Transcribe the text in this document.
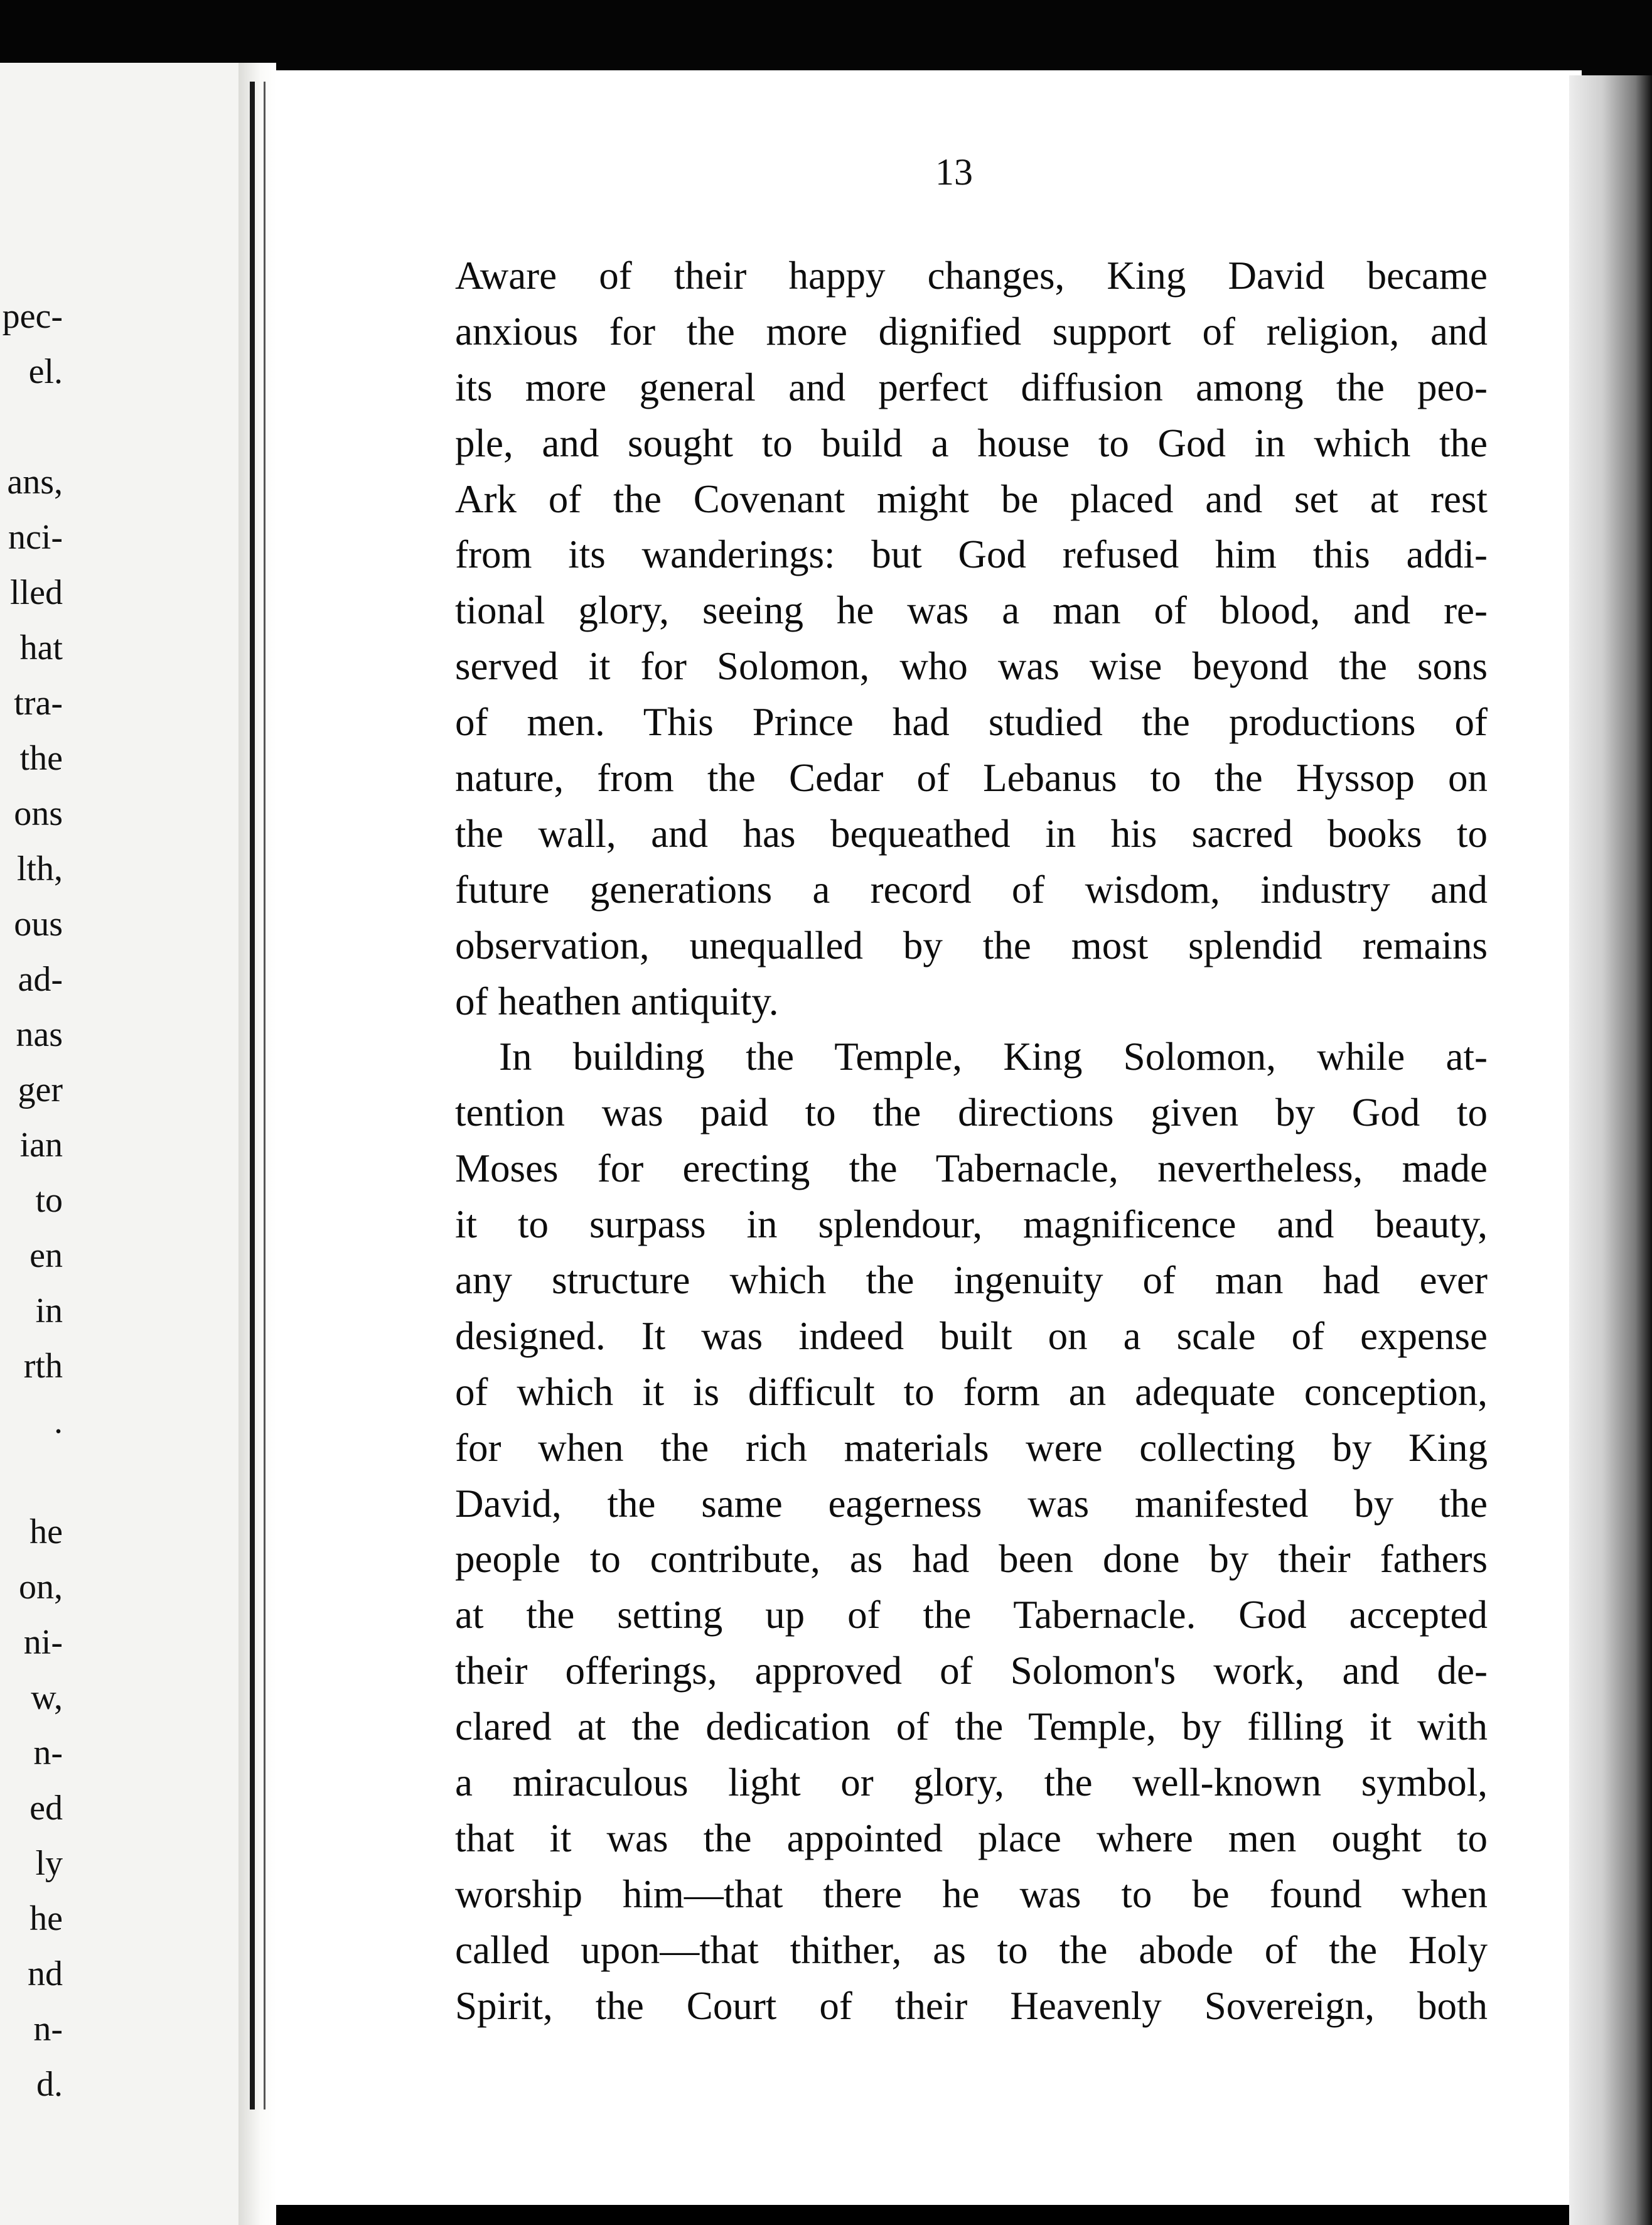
pec-
el.
ans,
nci-
lled
hat
tra-
the
ons
lth,
ous
ad-
nas
ger
ian
to
en
in
rth
.
he
on,
ni-
w,
n-
ed
ly
he
nd
n-
d.
13
Aware of their happy changes, King David became
anxious for the more dignified support of religion, and
its more general and perfect diffusion among the peo-
ple, and sought to build a house to God in which the
Ark of the Covenant might be placed and set at rest
from its wanderings: but God refused him this addi-
tional glory, seeing he was a man of blood, and re-
served it for Solomon, who was wise beyond the sons
of men. This Prince had studied the productions of
nature, from the Cedar of Lebanus to the Hyssop on
the wall, and has bequeathed in his sacred books to
future generations a record of wisdom, industry and
observation, unequalled by the most splendid remains
of heathen antiquity.
In building the Temple, King Solomon, while at-
tention was paid to the directions given by God to
Moses for erecting the Tabernacle, nevertheless, made
it to surpass in splendour, magnificence and beauty,
any structure which the ingenuity of man had ever
designed. It was indeed built on a scale of expense
of which it is difficult to form an adequate conception,
for when the rich materials were collecting by King
David, the same eagerness was manifested by the
people to contribute, as had been done by their fathers
at the setting up of the Tabernacle. God accepted
their offerings, approved of Solomon's work, and de-
clared at the dedication of the Temple, by filling it with
a miraculous light or glory, the well-known symbol,
that it was the appointed place where men ought to
worship him—that there he was to be found when
called upon—that thither, as to the abode of the Holy
Spirit, the Court of their Heavenly Sovereign, both
